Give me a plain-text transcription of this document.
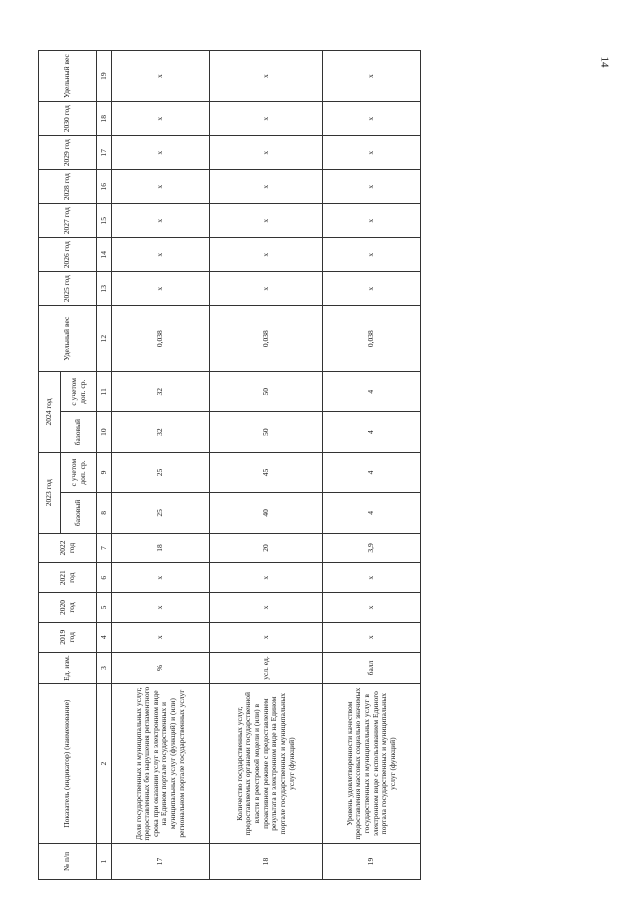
14
№ п/п	Показатель (индикатор) (наименование)	Ед. изм.	2019 год	2020 год	2021 год	2022 год	2023 год		2024 год		Удельный вес	2025 год	2026 год	2027 год	2028 год	2029 год	2030 год	Удельный вес
							базовый	с учетом доп. ср.	базовый	с учетом доп. ср.								
1	2	3	4	5	6	7	8	9	10	11	12	13	14	15	16	17	18	19
17	Доля государственных и муниципальных услуг, предоставленных без нарушения регламентного срока при оказании услуг в электронном виде на Едином портале государственных и муниципальных услуг (функций) и (или) региональном портале государственных услуг	%	x	x	x	18	25	25	32	32	0,038	x	x	x	x	x	x	x
18	Количество государственных услуг, предоставляемых органами государственной власти в реестровой модели и (или) в проактивном режиме с предоставлением результата в электронном виде на Едином портале государственных и муниципальных услуг (функций)	усл. ед.	x	x	x	20	40	45	50	50	0,038	x	x	x	x	x	x	x
19	Уровень удовлетворенности качеством предоставления массовых социально значимых государственных и муниципальных услуг в электронном виде с использованием Единого портала государственных и муниципальных услуг (функций)	балл	x	x	x	3,9	4	4	4	4	0,038	x	x	x	x	x	x	x
